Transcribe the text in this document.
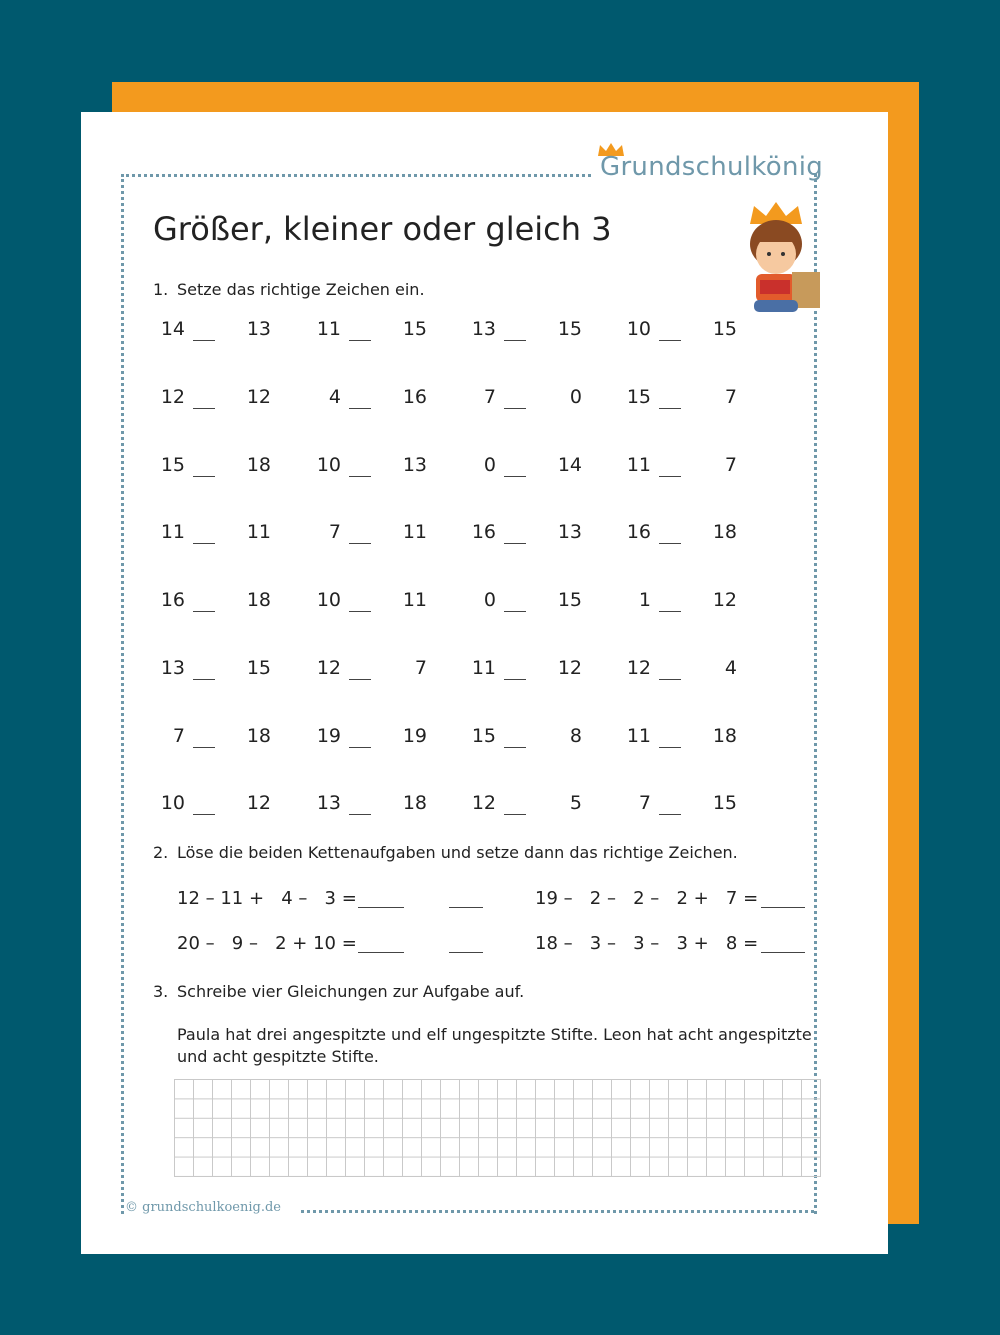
Grundschulkönig
Größer, kleiner oder gleich 3
1. Setze das richtige Zeichen ein.
14	13	11	15	13	15	10	15
12	12	4	16	7	0	15	7
15	18	10	13	0	14	11	7
11	11	7	11	16	13	16	18
16	18	10	11	0	15	1	12
13	15	12	7	11	12	12	4
7	18	19	19	15	8	11	18
10	12	13	18	12	5	7	15
2. Löse die beiden Kettenaufgaben und setze dann das richtige Zeichen.
12 – 11 +   4 –   3 =	19 –   2 –   2 –   2 +   7 =
20 –   9 –   2 + 10 =	18 –   3 –   3 –   3 +   8 =
3. Schreibe vier Gleichungen zur Aufgabe auf.
Paula hat drei angespitzte und elf ungespitzte Stifte. Leon hat acht angespitzte
und acht gespitzte Stifte.
© grundschulkoenig.de
